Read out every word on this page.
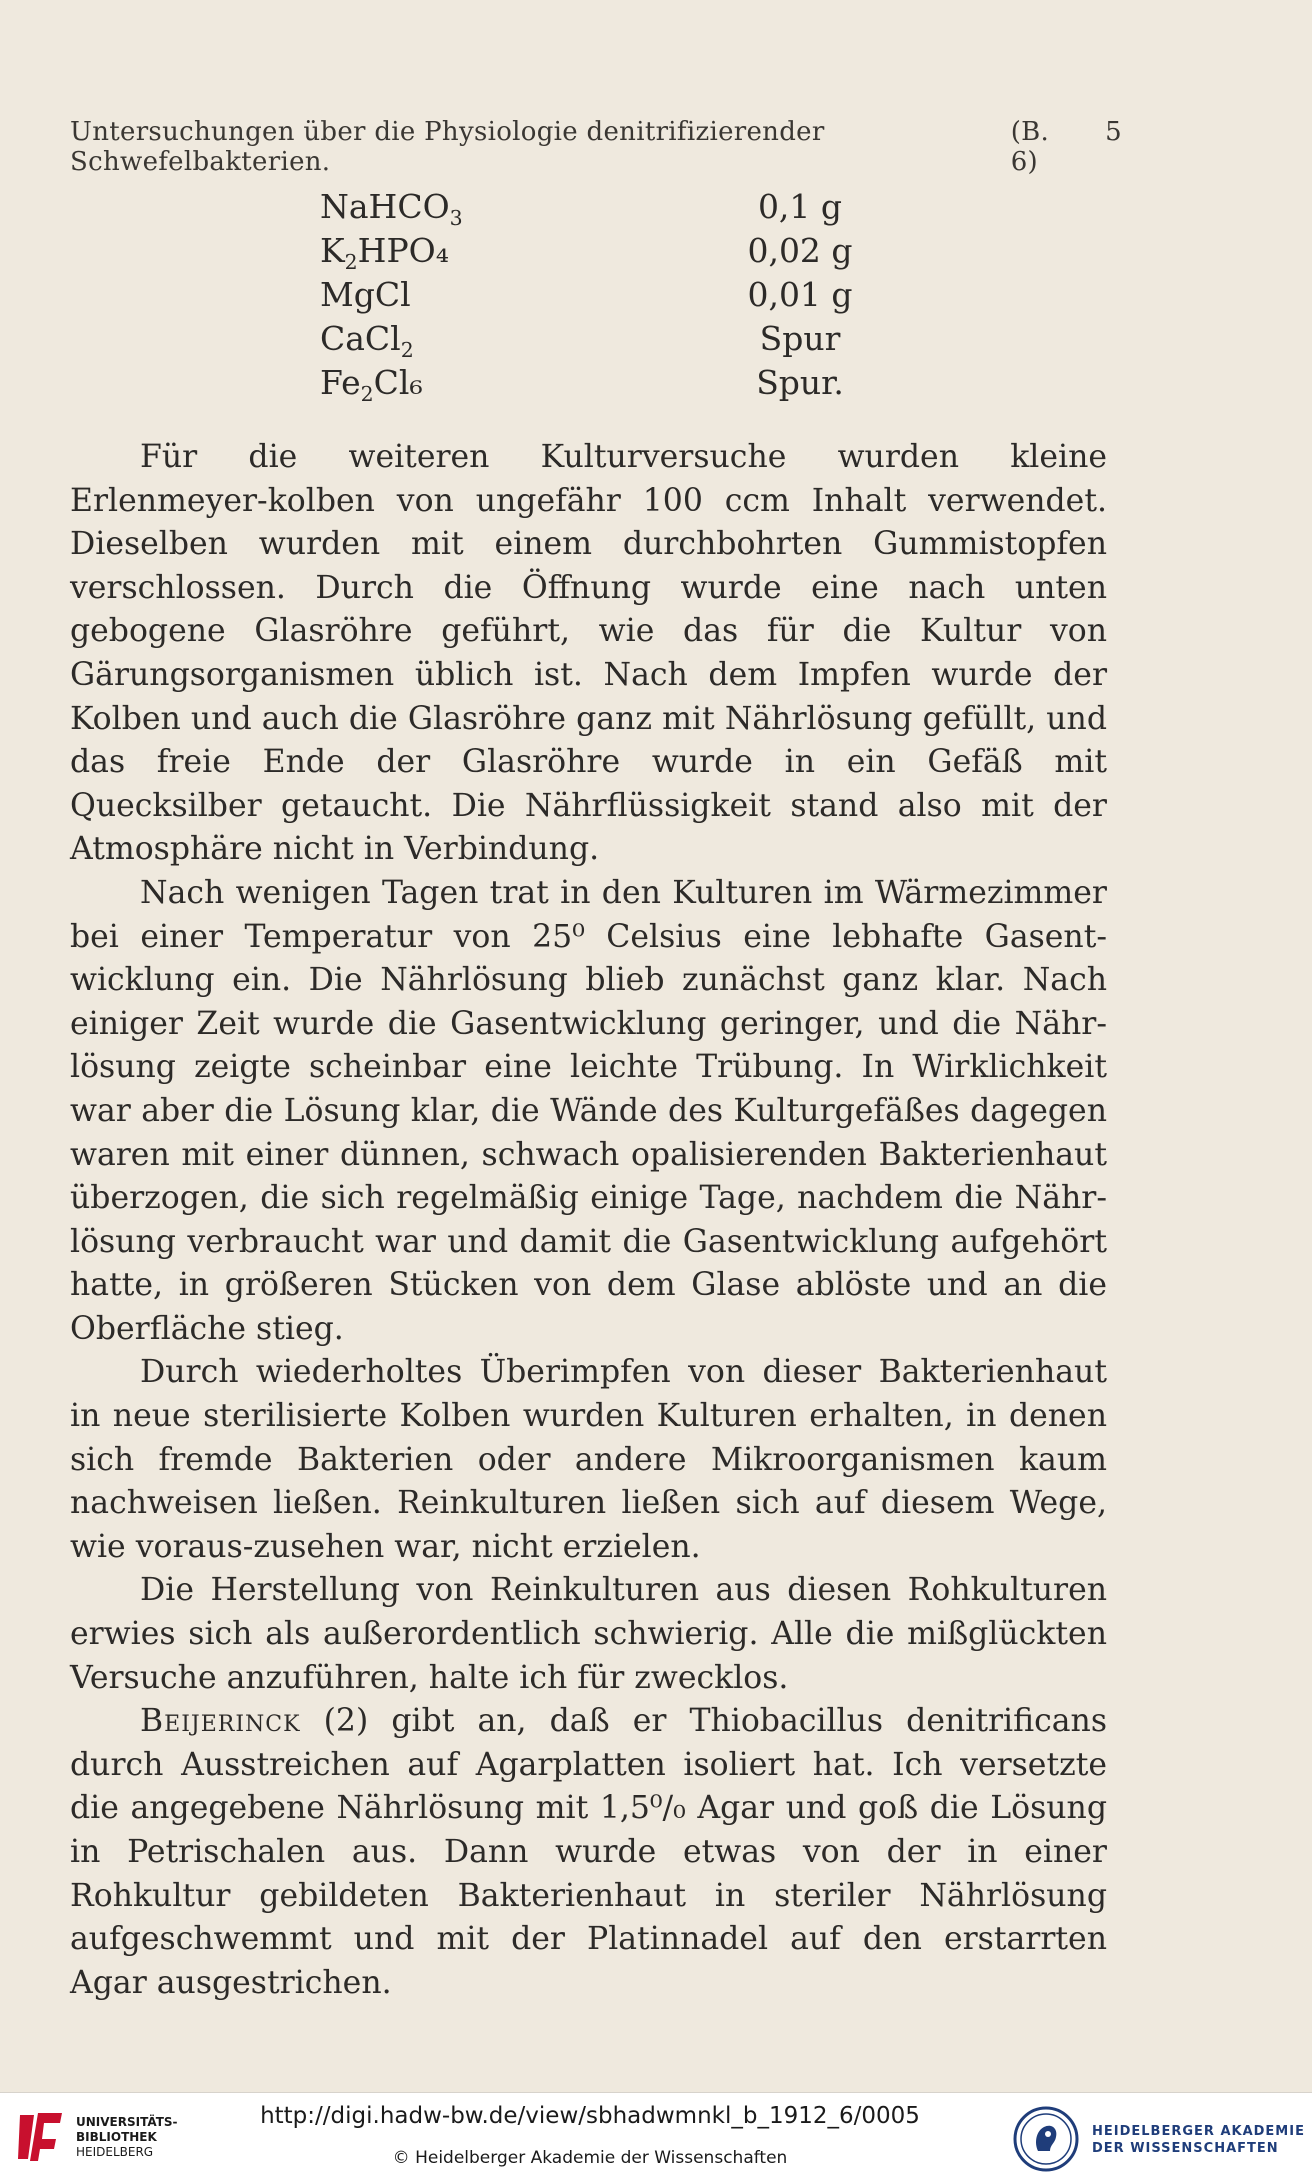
Untersuchungen über die Physiologie denitrifizierender Schwefelbakterien.
(B. 6)
5
NaHCO$_3$	0,1 g
$K_2HPO_4$	0,02 g
MgCl	0,01 g
CaCl$_2$	Spur
$Fe_2Cl_6$	Spur.

Für die weiteren Kulturversuche wurden kleine Erlenmeyer-kolben von ungefähr 100 ccm Inhalt verwendet. Dieselben wurden mit einem durchbohrten Gummistopfen verschlossen. Durch die Öffnung wurde eine nach unten gebogene Glasröhre geführt, wie das für die Kultur von Gärungsorganismen üblich ist. Nach dem Impfen wurde der Kolben und auch die Glasröhre ganz mit Nährlösung gefüllt, und das freie Ende der Glasröhre wurde in ein Gefäß mit Quecksilber getaucht. Die Nährflüssigkeit stand also mit der Atmosphäre nicht in Verbindung.

Nach wenigen Tagen trat in den Kulturen im Wärmezimmer bei einer Temperatur von 25⁰ Celsius eine lebhafte Gasent-wicklung ein. Die Nährlösung blieb zunächst ganz klar. Nach einiger Zeit wurde die Gasentwicklung geringer, und die Nähr-lösung zeigte scheinbar eine leichte Trübung. In Wirklichkeit war aber die Lösung klar, die Wände des Kulturgefäßes dagegen waren mit einer dünnen, schwach opalisierenden Bakterienhaut überzogen, die sich regelmäßig einige Tage, nachdem die Nähr-lösung verbraucht war und damit die Gasentwicklung aufgehört hatte, in größeren Stücken von dem Glase ablöste und an die Oberfläche stieg.

Durch wiederholtes Überimpfen von dieser Bakterienhaut in neue sterilisierte Kolben wurden Kulturen erhalten, in denen sich fremde Bakterien oder andere Mikroorganismen kaum nachweisen ließen. Reinkulturen ließen sich auf diesem Wege, wie voraus-zusehen war, nicht erzielen.

Die Herstellung von Reinkulturen aus diesen Rohkulturen erwies sich als außerordentlich schwierig. Alle die mißglückten Versuche anzuführen, halte ich für zwecklos.

Beijerinck (2) gibt an, daß er Thiobacillus denitrificans durch Ausstreichen auf Agarplatten isoliert hat. Ich versetzte die angegebene Nährlösung mit 1,5⁰/₀ Agar und goß die Lösung in Petrischalen aus. Dann wurde etwas von der in einer Rohkultur gebildeten Bakterienhaut in steriler Nährlösung aufgeschwemmt und mit der Platinnadel auf den erstarrten Agar ausgestrichen.

UNIVERSITÄTS-
BIBLIOTHEK
HEIDELBERG
http://digi.hadw-bw.de/view/sbhadwmnkl_b_1912_6/0005
© Heidelberger Akademie der Wissenschaften
HEIDELBERGER AKADEMIE
DER WISSENSCHAFTEN
